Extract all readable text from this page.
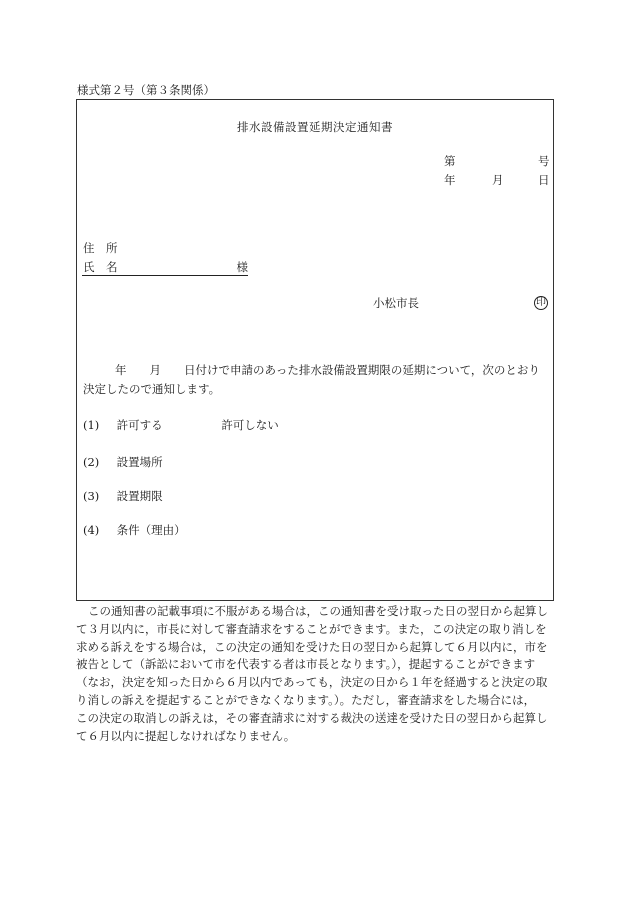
様式第２号（第３条関係）
排水設備設置延期決定通知書
第	号
年	月	日
住　所
氏　名	様
小松市長	印
年　　月　　日付けで申請のあった排水設備設置期限の延期について，次のとおり
決定したので通知します。
(1) 許可する	許可しない
(2) 設置場所
(3) 設置期限
(4) 条件（理由）

この通知書の記載事項に不服がある場合は，この通知書を受け取った日の翌日から起算し

て３月以内に，市長に対して審査請求をすることができます。また，この決定の取り消しを

求める訴えをする場合は，この決定の通知を受けた日の翌日から起算して６月以内に，市を

被告として（訴訟において市を代表する者は市長となります。），提起することができます

（なお，決定を知った日から６月以内であっても，決定の日から１年を経過すると決定の取

り消しの訴えを提起することができなくなります。）。ただし，審査請求をした場合には，

この決定の取消しの訴えは，その審査請求に対する裁決の送達を受けた日の翌日から起算し

て６月以内に提起しなければなりません。
